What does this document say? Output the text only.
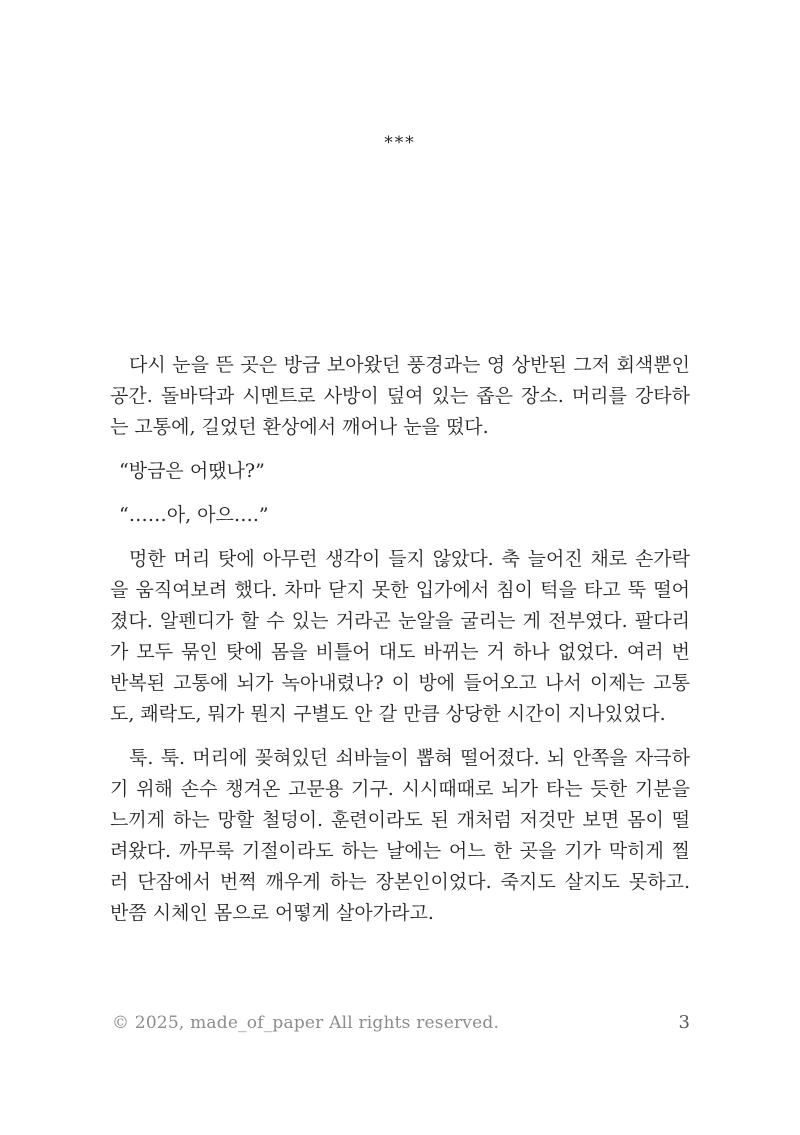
***

다시 눈을 뜬 곳은 방금 보아왔던 풍경과는 영 상반된 그저 회색뿐인 공간. 돌바닥과 시멘트로 사방이 덮여 있는 좁은 장소. 머리를 강타하는 고통에, 길었던 환상에서 깨어나 눈을 떴다.

“방금은 어땠나?”

“……아, 아으….”

멍한 머리 탓에 아무런 생각이 들지 않았다. 축 늘어진 채로 손가락을 움직여보려 했다. 차마 닫지 못한 입가에서 침이 턱을 타고 뚝 떨어졌다. 알펜디가 할 수 있는 거라곤 눈알을 굴리는 게 전부였다. 팔다리가 모두 묶인 탓에 몸을 비틀어 대도 바뀌는 거 하나 없었다. 여러 번 반복된 고통에 뇌가 녹아내렸나? 이 방에 들어오고 나서 이제는 고통도, 쾌락도, 뭐가 뭔지 구별도 안 갈 만큼 상당한 시간이 지나있었다.

툭. 툭. 머리에 꽂혀있던 쇠바늘이 뽑혀 떨어졌다. 뇌 안쪽을 자극하기 위해 손수 챙겨온 고문용 기구. 시시때때로 뇌가 타는 듯한 기분을 느끼게 하는 망할 철덩이. 훈련이라도 된 개처럼 저것만 보면 몸이 떨려왔다. 까무룩 기절이라도 하는 날에는 어느 한 곳을 기가 막히게 찔러 단잠에서 번쩍 깨우게 하는 장본인이었다. 죽지도 살지도 못하고. 반쯤 시체인 몸으로 어떻게 살아가라고.

© 2025, made_of_paper All rights reserved.	3
